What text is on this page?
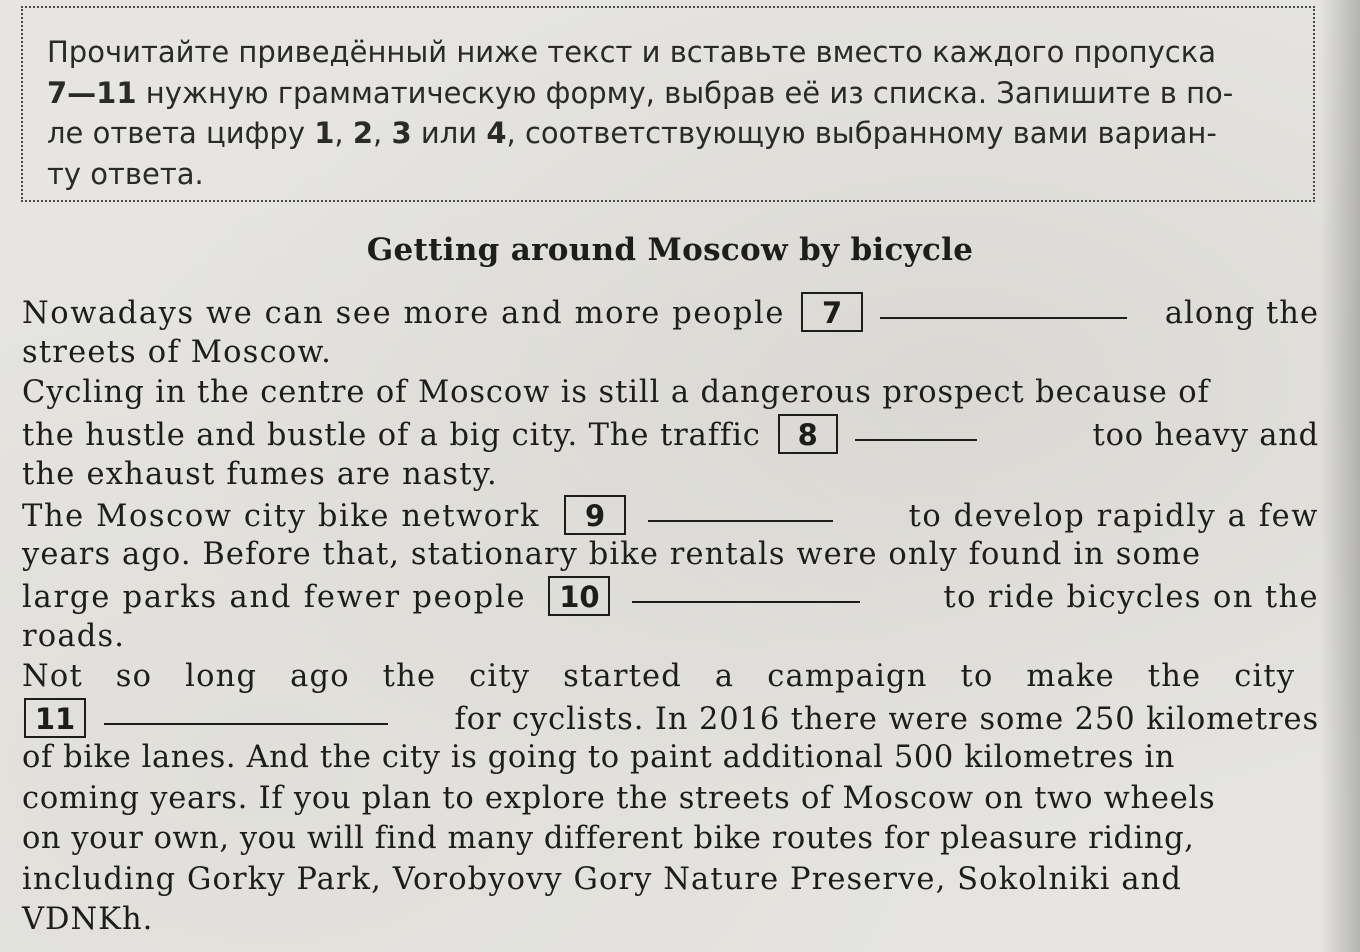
Прочитайте приведённый ниже текст и вставьте вместо каждого пропуска
7—11 нужную грамматическую форму, выбрав её из списка. Запишите в по-
ле ответа цифру 1, 2, 3 или 4, соответствующую выбранному вами вариан-
ту ответа.
Getting around Moscow by bicycle
Nowadays we can see more and more people	7	along the
streets of Moscow.
Cycling in the centre of Moscow is still a dangerous prospect because of
the hustle and bustle of a big city. The traffic	8	too heavy and
the exhaust fumes are nasty.
The Moscow city bike network	9	to develop rapidly a few
years ago. Before that, stationary bike rentals were only found in some
large parks and fewer people	10	to ride bicycles on the
roads.
Not so long ago the city started a campaign to make the city
11	for cyclists. In 2016 there were some 250 kilometres
of bike lanes. And the city is going to paint additional 500 kilometres in
coming years. If you plan to explore the streets of Moscow on two wheels
on your own, you will find many different bike routes for pleasure riding,
including Gorky Park, Vorobyovy Gory Nature Preserve, Sokolniki and
VDNKh.
